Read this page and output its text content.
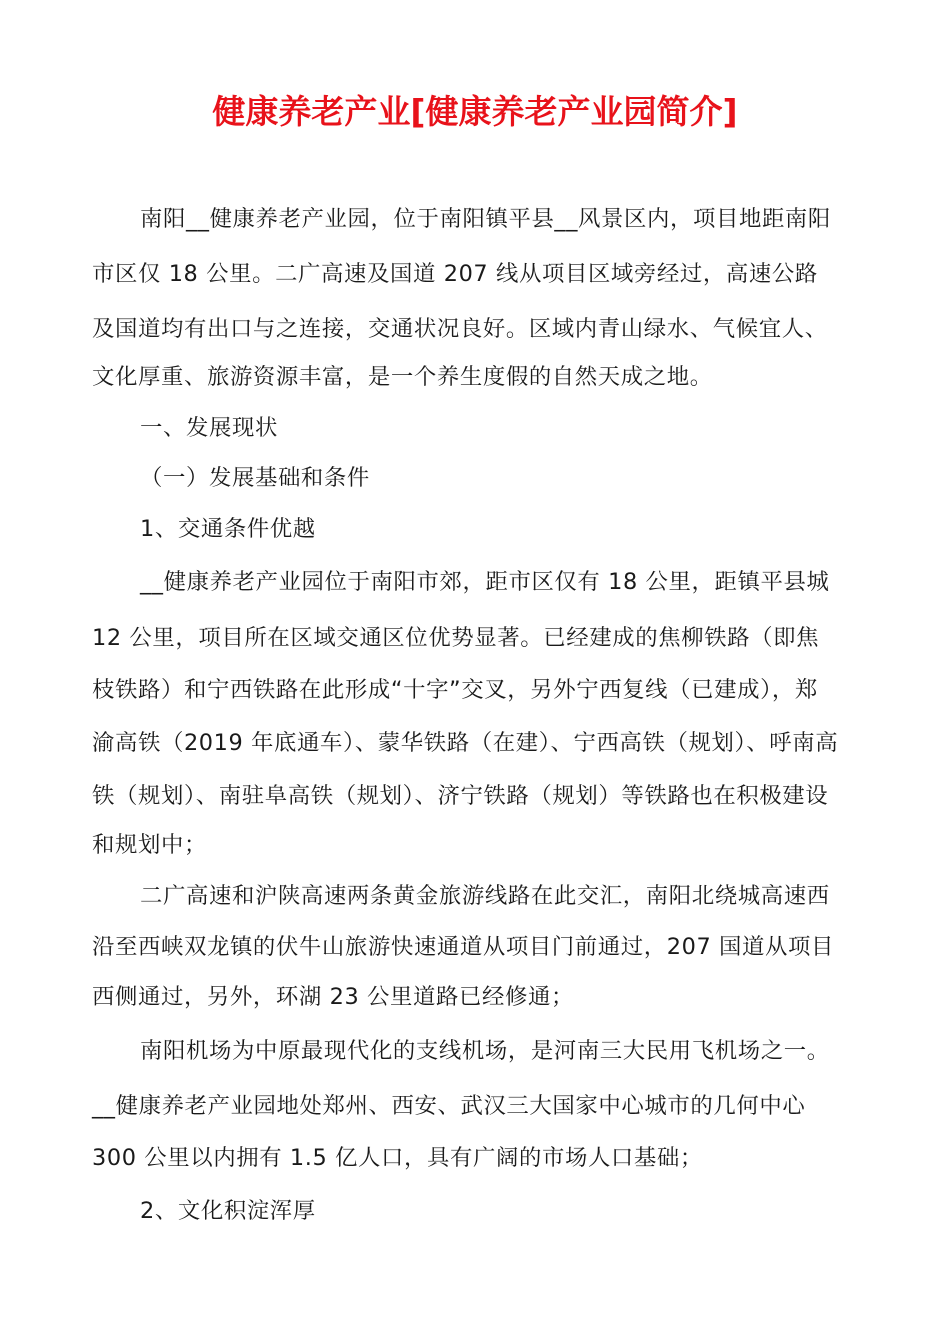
健康养老产业[健康养老产业园简介]
南阳__健康养老产业园，位于南阳镇平县__风景区内，项目地距南阳
市区仅 18 公里。二广高速及国道 207 线从项目区域旁经过，高速公路
及国道均有出口与之连接，交通状况良好。区域内青山绿水、气候宜人、
文化厚重、旅游资源丰富，是一个养生度假的自然天成之地。
一、发展现状
（一）发展基础和条件
1、交通条件优越
__健康养老产业园位于南阳市郊，距市区仅有 18 公里，距镇平县城
12 公里，项目所在区域交通区位优势显著。已经建成的焦柳铁路（即焦
枝铁路）和宁西铁路在此形成“十字”交叉，另外宁西复线（已建成），郑
渝高铁（2019 年底通车）、蒙华铁路（在建）、宁西高铁（规划）、呼南高
铁（规划）、南驻阜高铁（规划）、济宁铁路（规划）等铁路也在积极建设
和规划中；
二广高速和沪陕高速两条黄金旅游线路在此交汇，南阳北绕城高速西
沿至西峡双龙镇的伏牛山旅游快速通道从项目门前通过，207 国道从项目
西侧通过，另外，环湖 23 公里道路已经修通；
南阳机场为中原最现代化的支线机场，是河南三大民用飞机场之一。
__健康养老产业园地处郑州、西安、武汉三大国家中心城市的几何中心
300 公里以内拥有 1.5 亿人口，具有广阔的市场人口基础；
2、文化积淀浑厚
